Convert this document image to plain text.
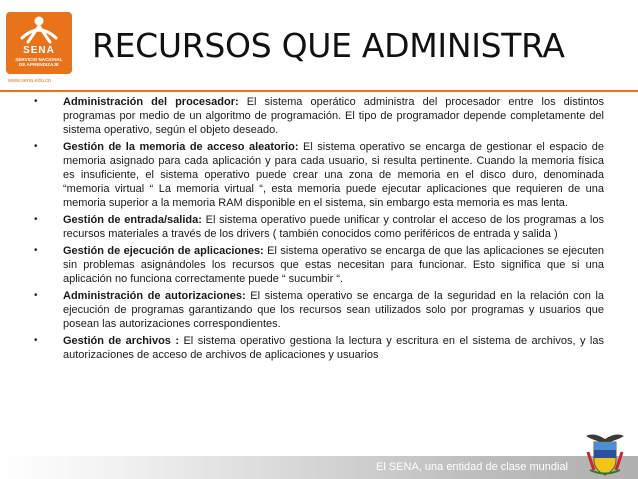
SENA
SERVICIO NACIONAL
DE APRENDIZAJE
www.sena.edu.co
RECURSOS QUE ADMINISTRA
• Administración del procesador: El sistema operático administra del procesador entre los distintos programas por medio de un algoritmo de programación. El tipo de programador depende completamente del sistema operativo, según el objeto deseado.
• Gestión de la memoria de acceso aleatorio: El sistema operativo se encarga de gestionar el espacio de memoria asignado para cada aplicación y para cada usuario, si resulta pertinente. Cuando la memoria física es insuficiente, el sistema operativo puede crear una zona de memoria en el disco duro, denominada “memoria virtual “ La memoria virtual “, esta memoria puede ejecutar aplicaciones que requieren de una memoria superior a la memoria RAM disponible en el sistema, sin embargo esta memoria es mas lenta.
• Gestión de entrada/salida: El sistema operativo puede unificar y controlar el acceso de los programas a los recursos materiales a través de los drivers ( también conocidos como periféricos de entrada y salida )
• Gestión de ejecución de aplicaciones: El sistema operativo se encarga de que las aplicaciones se ejecuten sin problemas asignándoles los recursos que estas necesitan para funcionar. Esto significa que si una aplicación no funciona correctamente puede “ sucumbir “.
• Administración de autorizaciones: El sistema operativo se encarga de la seguridad en la relación con la ejecución de programas garantizando que los recursos sean utilizados solo por programas y usuarios que posean las autorizaciones correspondientes.
• Gestión de archivos : El sistema operativo gestiona la lectura y escritura en el sistema de archivos, y las autorizaciones de acceso de archivos de aplicaciones y usuarios
El SENA, una entidad de clase mundial
